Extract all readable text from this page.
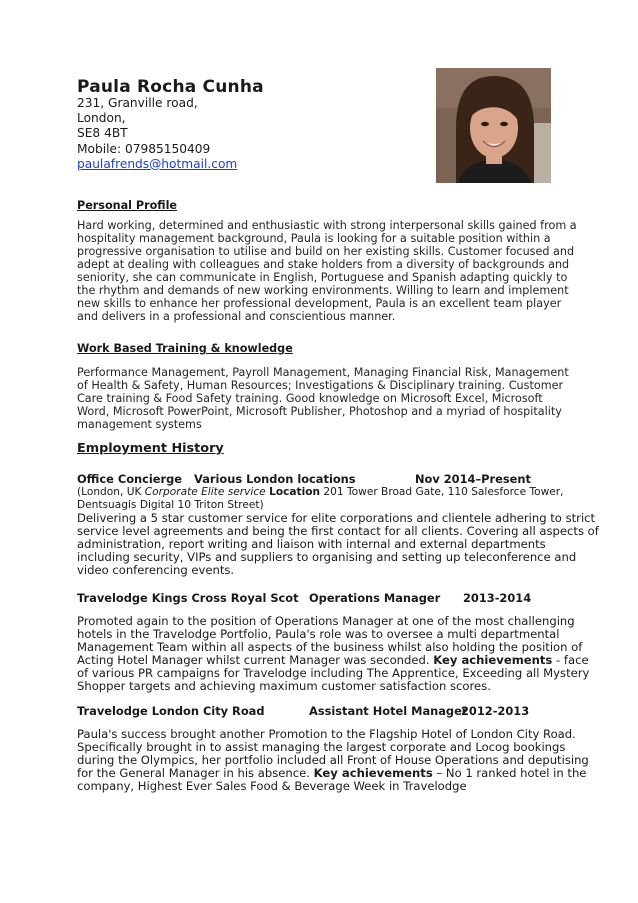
Paula Rocha Cunha
231, Granville road,
London,
SE8 4BT
Mobile: 07985150409
paulafrends@hotmail.com
Personal Profile
Hard working, determined and enthusiastic with strong interpersonal skills gained from a
hospitality management background, Paula is looking for a suitable position within a
progressive organisation to utilise and build on her existing skills. Customer focused and
adept at dealing with colleagues and stake holders from a diversity of backgrounds and
seniority, she can communicate in English, Portuguese and Spanish adapting quickly to
the rhythm and demands of new working environments. Willing to learn and implement
new skills to enhance her professional development, Paula is an excellent team player
and delivers in a professional and conscientious manner.
Work Based Training & knowledge
Performance Management, Payroll Management, Managing Financial Risk, Management
of Health & Safety, Human Resources; Investigations & Disciplinary training. Customer
Care training & Food Safety training. Good knowledge on Microsoft Excel, Microsoft
Word, Microsoft PowerPoint, Microsoft Publisher, Photoshop and a myriad of hospitality
management systems
Employment History
Office Concierge Various London locations	Nov 2014–Present
(London, UK Corporate Elite service Location 201 Tower Broad Gate, 110 Salesforce Tower,
Dentsuagis Digital 10 Triton Street)
Delivering a 5 star customer service for elite corporations and clientele adhering to strict
service level agreements and being the first contact for all clients. Covering all aspects of
administration, report writing and liaison with internal and external departments
including security, VIPs and suppliers to organising and setting up teleconference and
video conferencing events.
Travelodge Kings Cross Royal Scot Operations Manager 2013-2014
Promoted again to the position of Operations Manager at one of the most challenging
hotels in the Travelodge Portfolio, Paula's role was to oversee a multi departmental
Management Team within all aspects of the business whilst also holding the position of
Acting Hotel Manager whilst current Manager was seconded. Key achievements - face
of various PR campaigns for Travelodge including The Apprentice, Exceeding all Mystery
Shopper targets and achieving maximum customer satisfaction scores.
Travelodge London City Road	Assistant Hotel Manager
2012-2013
Paula's success brought another Promotion to the Flagship Hotel of London City Road.
Specifically brought in to assist managing the largest corporate and Locog bookings
during the Olympics, her portfolio included all Front of House Operations and deputising
for the General Manager in his absence. Key achievements – No 1 ranked hotel in the
company, Highest Ever Sales Food & Beverage Week in Travelodge
